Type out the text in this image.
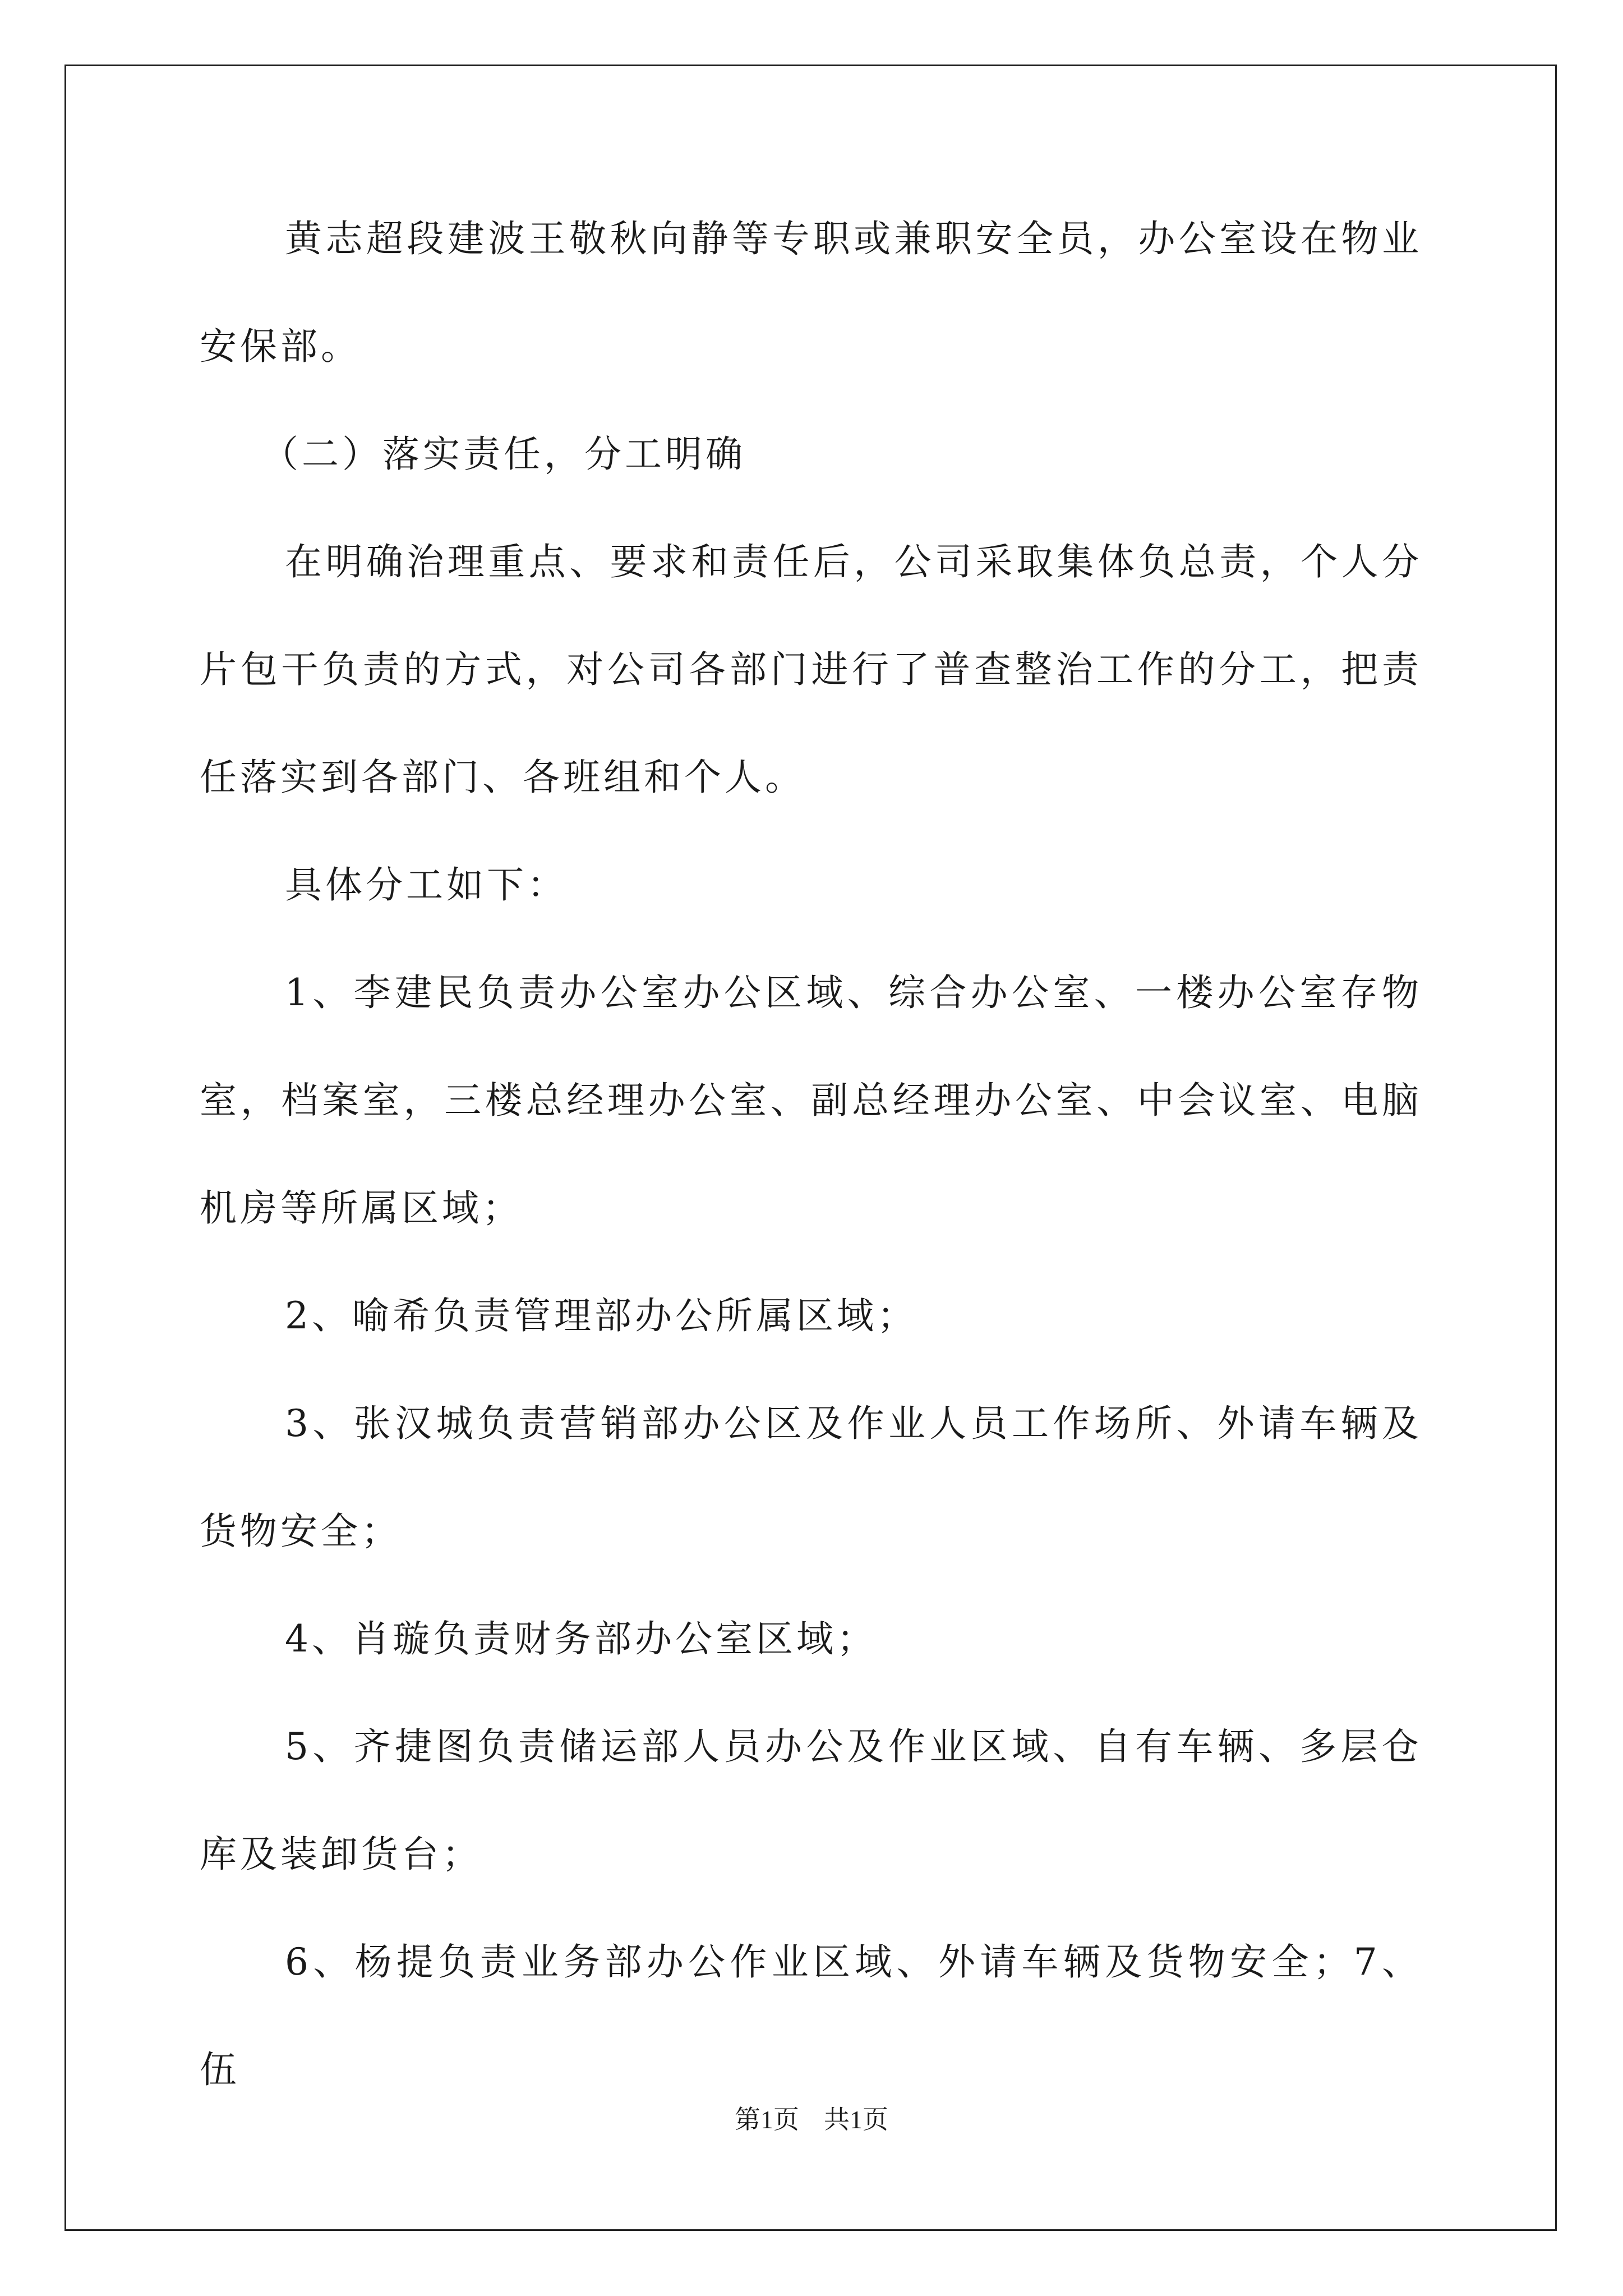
黄志超段建波王敬秋向静等专职或兼职安全员，办公室设在物业安保部。

（二）落实责任，分工明确

在明确治理重点、要求和责任后，公司采取集体负总责，个人分片包干负责的方式，对公司各部门进行了普查整治工作的分工，把责任落实到各部门、各班组和个人。

具体分工如下：

1、李建民负责办公室办公区域、综合办公室、一楼办公室存物室，档案室，三楼总经理办公室、副总经理办公室、中会议室、电脑机房等所属区域；

2、喻希负责管理部办公所属区域；

3、张汉城负责营销部办公区及作业人员工作场所、外请车辆及货物安全；

4、肖璇负责财务部办公室区域；

5、齐捷图负责储运部人员办公及作业区域、自有车辆、多层仓库及装卸货台；

6、杨提负责业务部办公作业区域、外请车辆及货物安全；7、伍

第1页 共1页
